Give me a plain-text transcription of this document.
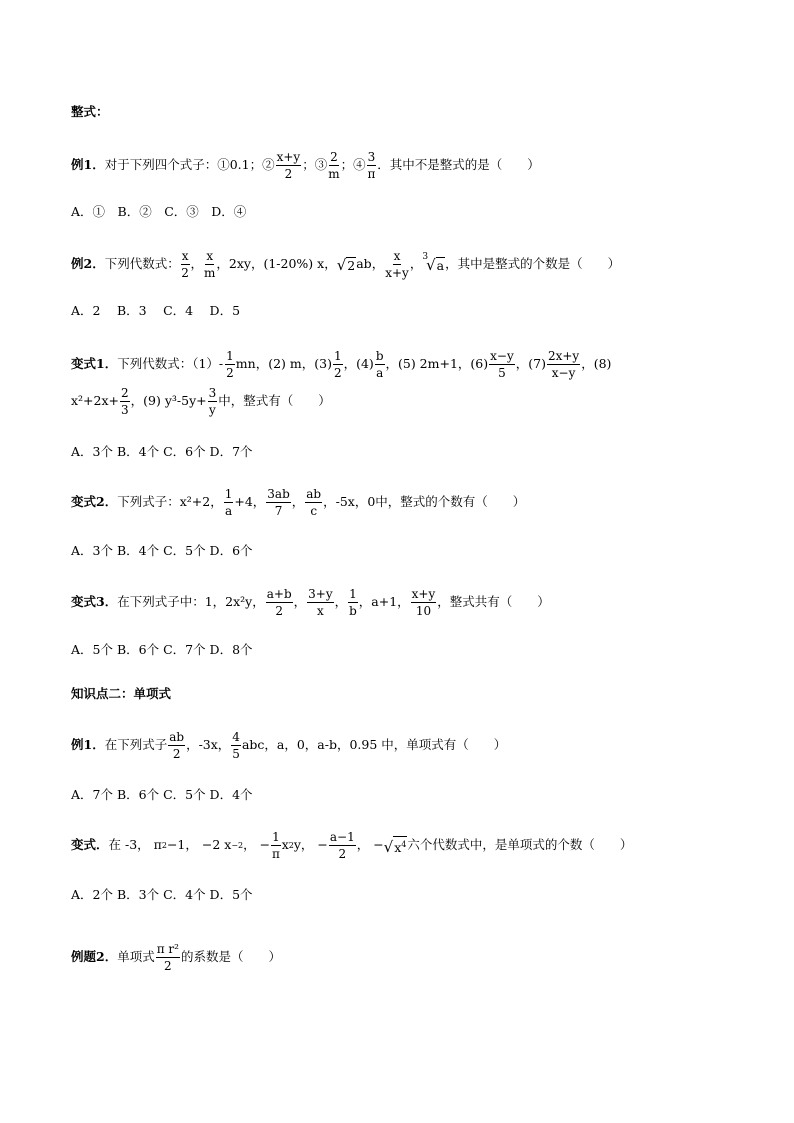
整式：
例1． 对于下列四个式子：①0.1；② $\frac{x+y}{2}$ ；③ $\frac{2}{m}$ ；④ $\frac{3}{\pi}$ ．其中不是整式的是（　　）
A．①　B．②　C．③　D．④
例2． 下列代数式： $\frac{x}{2}$ ， $\frac{x}{m}$ ，2xy，(1-20%) x， √ 2 ab， $\frac{x}{x+y}$ ， 3
√ a ，其中是整式的个数是（　　）
A．2　 B．3　 C．4　 D．5
变式1． 下列代数式：$(1) - \frac{1}{2}$ mn，(2) m，$(3) \frac{1}{2}$ ，$(4) \frac{b}{a}$ ，(5) 2m+1，$(6) \frac{x-y}{5}$ ，$(7) \frac{2x+y}{x-y}$ ，(8)
$x^2+2x+ \frac{2}{3}$ ，(9) $y^3-5y+ \frac{3}{y}$ 中，整式有（　　）
A．3个 B．4个 C．6个 D．7个
变式2． 下列式子：x²+2， $\frac{1}{a} +4$， $\frac{3ab}{7}$ ， $\frac{ab}{c}$ ，-5x，0中，整式的个数有（　　）
A．3个 B．4个 C．5个 D．6个
变式3． 在下列式子中：1，2x²y， $\frac{a+b}{2}$ ， $\frac{3+y}{x}$ ， $\frac{1}{b}$ ，a+1， $\frac{x+y}{10}$ ，整式共有（　　）
A．5个 B．6个 C．7个 D．8个
知识点二：单项式
例1． 在下列式子 $\frac{ab}{2}$ ，-3x， $\frac{4}{5}$ abc，a，0，a-b，0.95 中，单项式有（　　）
A．7个 B．6个 C．5个 D．4个
变式． 在 -3， π 2 −1， −2 x −2 ， − $\frac{1}{\pi}$ x 2 y， − $\frac{a-1}{2}$ ， − √ $x^4$ 六个代数式中，是单项式的个数（　　）
A．2个 B．3个 C．4个 D．5个
例题2． 单项式 $\frac{\text{π r²}}{2}$ 的系数是（　　）
